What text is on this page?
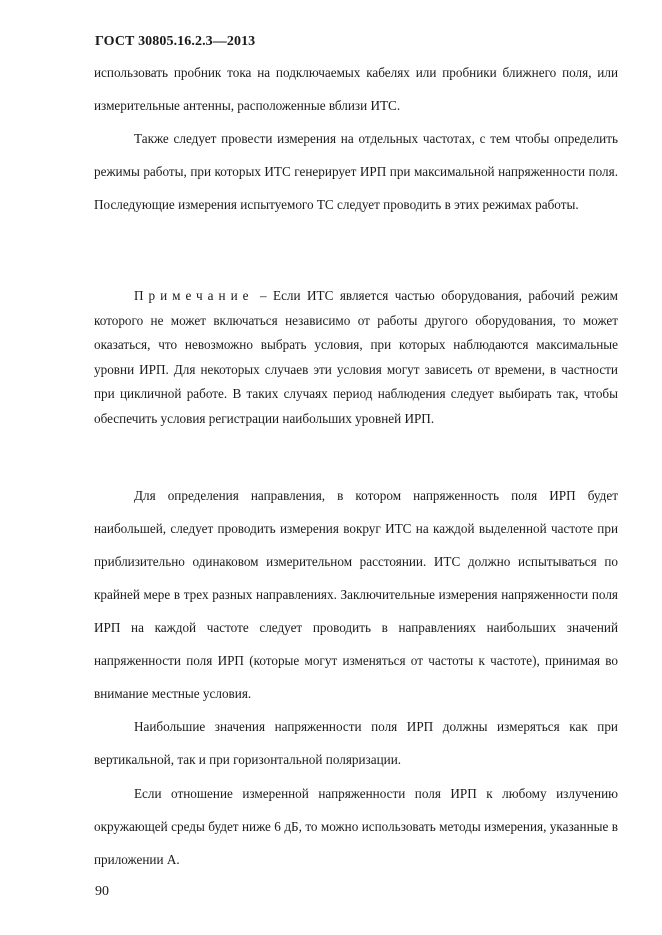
ГОСТ 30805.16.2.3—2013

использовать пробник тока на подключаемых кабелях или пробники ближнего поля, или измерительные антенны, расположенные вблизи ИТС.

Также следует провести измерения на отдельных частотах, с тем чтобы определить режимы работы, при которых ИТС генерирует ИРП при максимальной напряженности поля. Последующие измерения испытуемого ТС следует проводить в этих режимах работы.

Примечание – Если ИТС является частью оборудования, рабочий режим которого не может включаться независимо от работы другого оборудования, то может оказаться, что невозможно выбрать условия, при которых наблюдаются максимальные уровни ИРП. Для некоторых случаев эти условия могут зависеть от времени, в частности при цикличной работе. В таких случаях период наблюдения следует выбирать так, чтобы обеспечить условия регистрации наибольших уровней ИРП.

Для определения направления, в котором напряженность поля ИРП будет наибольшей, следует проводить измерения вокруг ИТС на каждой выделенной частоте при приблизительно одинаковом измерительном расстоянии. ИТС должно испытываться по крайней мере в трех разных направлениях. Заключительные измерения напряженности поля ИРП на каждой частоте следует проводить в направлениях наибольших значений напряженности поля ИРП (которые могут изменяться от частоты к частоте), принимая во внимание местные условия.

Наибольшие значения напряженности поля ИРП должны измеряться как при вертикальной, так и при горизонтальной поляризации.

Если отношение измеренной напряженности поля ИРП к любому излучению окружающей среды будет ниже 6 дБ, то можно использовать методы измерения, указанные в приложении А.

90
